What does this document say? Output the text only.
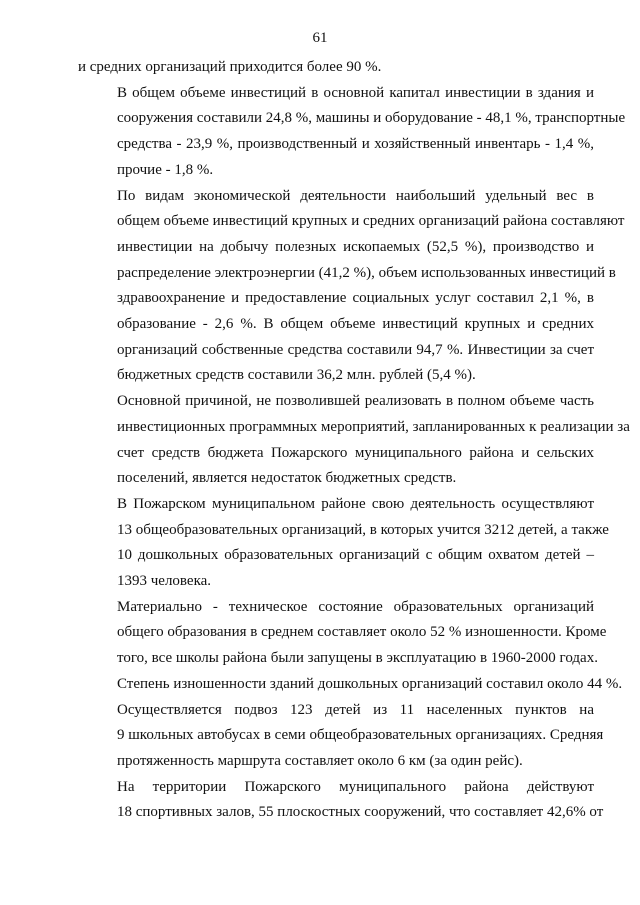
61

и средних организаций приходится более 90 %.

В общем объеме инвестиций в основной капитал инвестиции в здания и
сооружения составили 24,8 %, машины и оборудование - 48,1 %, транспортные
средства - 23,9 %, производственный и хозяйственный инвентарь - 1,4 %,
прочие - 1,8 %.

По видам экономической деятельности наибольший удельный вес в
общем объеме инвестиций крупных и средних организаций района составляют
инвестиции на добычу полезных ископаемых (52,5 %), производство и
распределение электроэнергии (41,2 %), объем использованных инвестиций в
здравоохранение и предоставление социальных услуг составил 2,1 %, в
образование - 2,6 %. В общем объеме инвестиций крупных и средних
организаций собственные средства составили 94,7 %. Инвестиции за счет
бюджетных средств составили 36,2 млн. рублей (5,4 %).

Основной причиной, не позволившей реализовать в полном объеме часть
инвестиционных программных мероприятий, запланированных к реализации за
счет средств бюджета Пожарского муниципального района и сельских
поселений, является недостаток бюджетных средств.

В Пожарском муниципальном районе свою деятельность осуществляют
13 общеобразовательных организаций, в которых учится 3212 детей, а также
10 дошкольных образовательных организаций с общим охватом детей –
1393 человека.

Материально - техническое состояние образовательных организаций
общего образования в среднем составляет около 52 % изношенности. Кроме
того, все школы района были запущены в эксплуатацию в 1960-2000 годах.
Степень изношенности зданий дошкольных организаций составил около 44 %.

Осуществляется подвоз 123 детей из 11 населенных пунктов на
9 школьных автобусах в семи общеобразовательных организациях. Средняя
протяженность маршрута составляет около 6 км (за один рейс).

На территории Пожарского муниципального района действуют
18 спортивных залов, 55 плоскостных сооружений, что составляет 42,6% от
